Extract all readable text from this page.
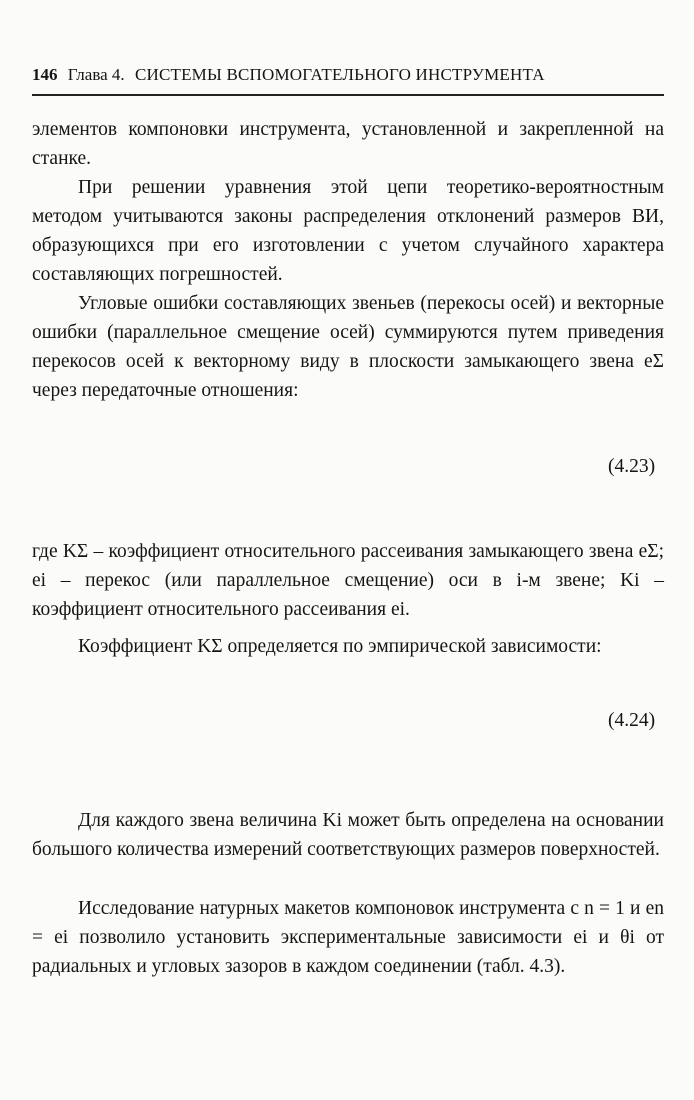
146 Глава 4. СИСТЕМЫ ВСПОМОГАТЕЛЬНОГО ИНСТРУМЕНТА

элементов компоновки инструмента, установленной и закрепленной на станке.

При решении уравнения этой цепи теоретико-вероятностным методом учитываются законы распределения отклонений размеров ВИ, образующихся при его изготовлении с учетом случайного характера составляющих погрешностей.

Угловые ошибки составляющих звеньев (перекосы осей) и векторные ошибки (параллельное смещение осей) суммируются путем приведения перекосов осей к векторному виду в плоскости замыкающего звена eΣ через передаточные отношения:

(4.23)

где KΣ – коэффициент относительного рассеивания замыкающего звена eΣ; ei – перекос (или параллельное смещение) оси в i-м звене; Ki – коэффициент относительного рассеивания ei.

Коэффициент KΣ определяется по эмпирической зависимости:

(4.24)

Для каждого звена величина Ki может быть определена на основании большого количества измерений соответствующих размеров поверхностей.

Исследование натурных макетов компоновок инструмента с n = 1 и en = ei позволило установить экспериментальные зависимости ei и θi от радиальных и угловых зазоров в каждом соединении (табл. 4.3).
